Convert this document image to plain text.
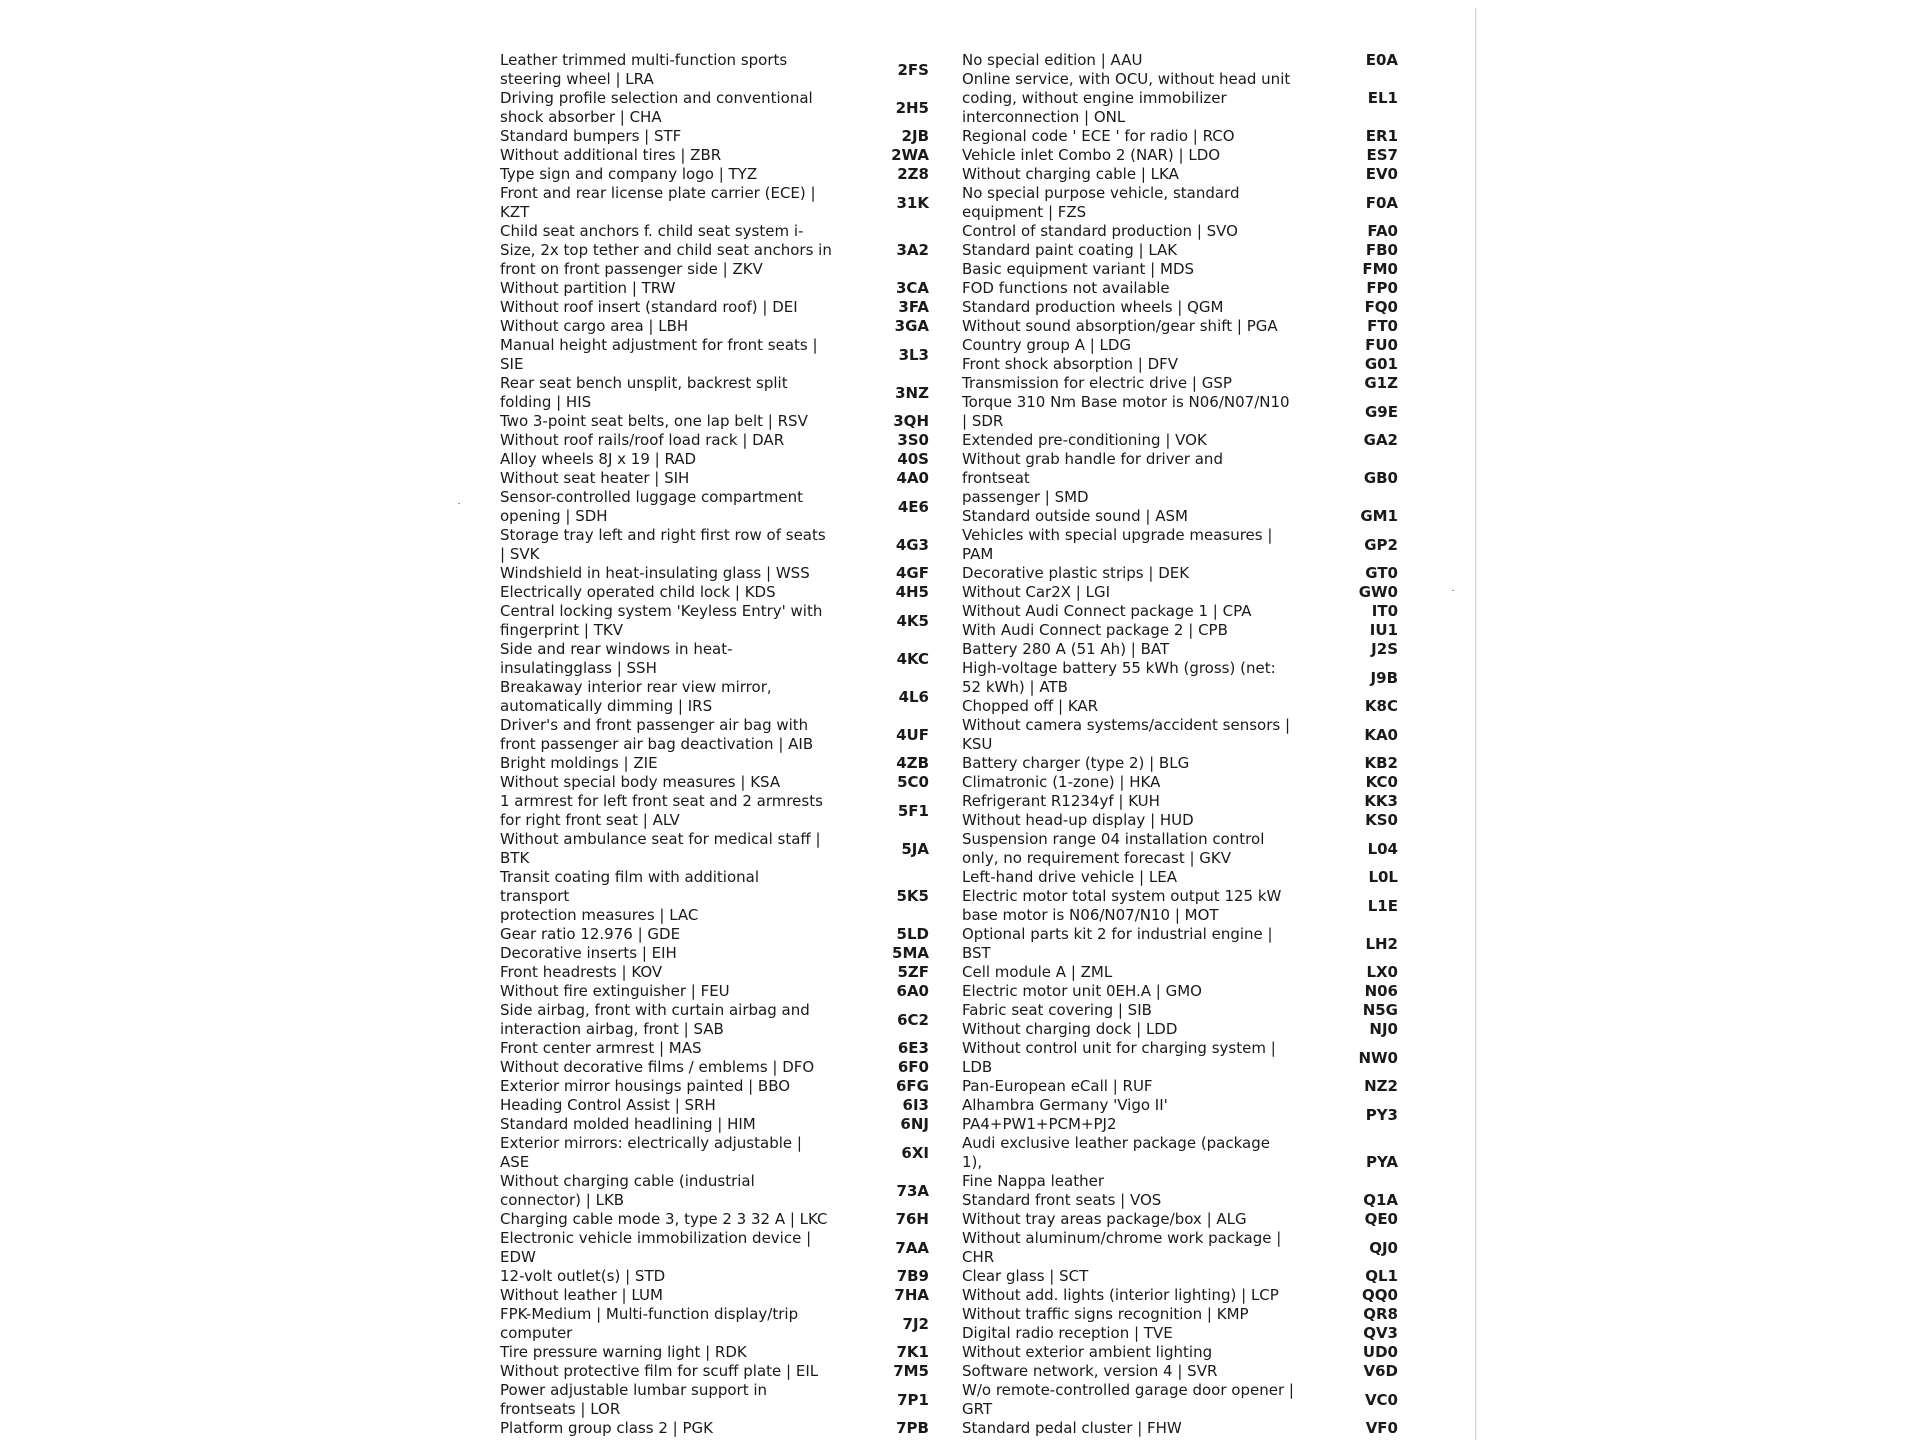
Leather trimmed multi-function sports
steering wheel | LRA
2FS
Driving profile selection and conventional
shock absorber | CHA
2H5
Standard bumpers | STF	2JB
Without additional tires | ZBR	2WA
Type sign and company logo | TYZ	2Z8
Front and rear license plate carrier (ECE) |
KZT
31K
Child seat anchors f. child seat system i-
Size, 2x top tether and child seat anchors in
front on front passenger side | ZKV
3A2
Without partition | TRW	3CA
Without roof insert (standard roof) | DEI	3FA
Without cargo area | LBH	3GA
Manual height adjustment for front seats |
SIE
3L3
Rear seat bench unsplit, backrest split
folding | HIS
3NZ
Two 3-point seat belts, one lap belt | RSV	3QH
Without roof rails/roof load rack | DAR	3S0
Alloy wheels 8J x 19 | RAD	40S
Without seat heater | SIH	4A0
Sensor-controlled luggage compartment
opening | SDH
4E6
Storage tray left and right first row of seats
| SVK
4G3
Windshield in heat-insulating glass | WSS	4GF
Electrically operated child lock | KDS	4H5
Central locking system 'Keyless Entry' with
fingerprint | TKV
4K5
Side and rear windows in heat-
insulatingglass | SSH
4KC
Breakaway interior rear view mirror,
automatically dimming | IRS
4L6
Driver's and front passenger air bag with
front passenger air bag deactivation | AIB
4UF
Bright moldings | ZIE	4ZB
Without special body measures | KSA	5C0
1 armrest for left front seat and 2 armrests
for right front seat | ALV
5F1
Without ambulance seat for medical staff |
BTK
5JA
Transit coating film with additional transport
protection measures | LAC
5K5
Gear ratio 12.976 | GDE	5LD
Decorative inserts | EIH	5MA
Front headrests | KOV	5ZF
Without fire extinguisher | FEU	6A0
Side airbag, front with curtain airbag and
interaction airbag, front | SAB
6C2
Front center armrest | MAS	6E3
Without decorative films / emblems | DFO	6F0
Exterior mirror housings painted | BBO	6FG
Heading Control Assist | SRH	6I3
Standard molded headlining | HIM	6NJ
Exterior mirrors: electrically adjustable |
ASE
6XI
Without charging cable (industrial
connector) | LKB
73A
Charging cable mode 3, type 2 3 32 A | LKC	76H
Electronic vehicle immobilization device |
EDW
7AA
12-volt outlet(s) | STD	7B9
Without leather | LUM	7HA
FPK-Medium | Multi-function display/trip
computer
7J2
Tire pressure warning light | RDK	7K1
Without protective film for scuff plate | EIL	7M5
Power adjustable lumbar support in
frontseats | LOR
7P1
Platform group class 2 | PGK	7PB
No special edition | AAU	E0A
Online service, with OCU, without head unit
coding, without engine immobilizer
interconnection | ONL
EL1
Regional code ' ECE ' for radio | RCO	ER1
Vehicle inlet Combo 2 (NAR) | LDO	ES7
Without charging cable | LKA	EV0
No special purpose vehicle, standard
equipment | FZS
F0A
Control of standard production | SVO	FA0
Standard paint coating | LAK	FB0
Basic equipment variant | MDS	FM0
FOD functions not available	FP0
Standard production wheels | QGM	FQ0
Without sound absorption/gear shift | PGA	FT0
Country group A | LDG	FU0
Front shock absorption | DFV	G01
Transmission for electric drive | GSP	G1Z
Torque 310 Nm Base motor is N06/N07/N10
| SDR
G9E
Extended pre-conditioning | VOK	GA2
Without grab handle for driver and frontseat
passenger | SMD
GB0
Standard outside sound | ASM	GM1
Vehicles with special upgrade measures |
PAM
GP2
Decorative plastic strips | DEK	GT0
Without Car2X | LGI	GW0
Without Audi Connect package 1 | CPA	IT0
With Audi Connect package 2 | CPB	IU1
Battery 280 A (51 Ah) | BAT	J2S
High-voltage battery 55 kWh (gross) (net:
52 kWh) | ATB
J9B
Chopped off | KAR	K8C
Without camera systems/accident sensors |
KSU
KA0
Battery charger (type 2) | BLG	KB2
Climatronic (1-zone) | HKA	KC0
Refrigerant R1234yf | KUH	KK3
Without head-up display | HUD	KS0
Suspension range 04 installation control
only, no requirement forecast | GKV
L04
Left-hand drive vehicle | LEA	L0L
Electric motor total system output 125 kW
base motor is N06/N07/N10 | MOT
L1E
Optional parts kit 2 for industrial engine |
BST
LH2
Cell module A | ZML	LX0
Electric motor unit 0EH.A | GMO	N06
Fabric seat covering | SIB	N5G
Without charging dock | LDD	NJ0
Without control unit for charging system |
LDB
NW0
Pan-European eCall | RUF	NZ2
Alhambra Germany 'Vigo II'
PA4+PW1+PCM+PJ2
PY3
Audi exclusive leather package (package 1),
Fine Nappa leather
PYA
Standard front seats | VOS	Q1A
Without tray areas package/box | ALG	QE0
Without aluminum/chrome work package |
CHR
QJ0
Clear glass | SCT	QL1
Without add. lights (interior lighting) | LCP	QQ0
Without traffic signs recognition | KMP	QR8
Digital radio reception | TVE	QV3
Without exterior ambient lighting	UD0
Software network, version 4 | SVR	V6D
W/o remote-controlled garage door opener |
GRT
VC0
Standard pedal cluster | FHW	VF0
